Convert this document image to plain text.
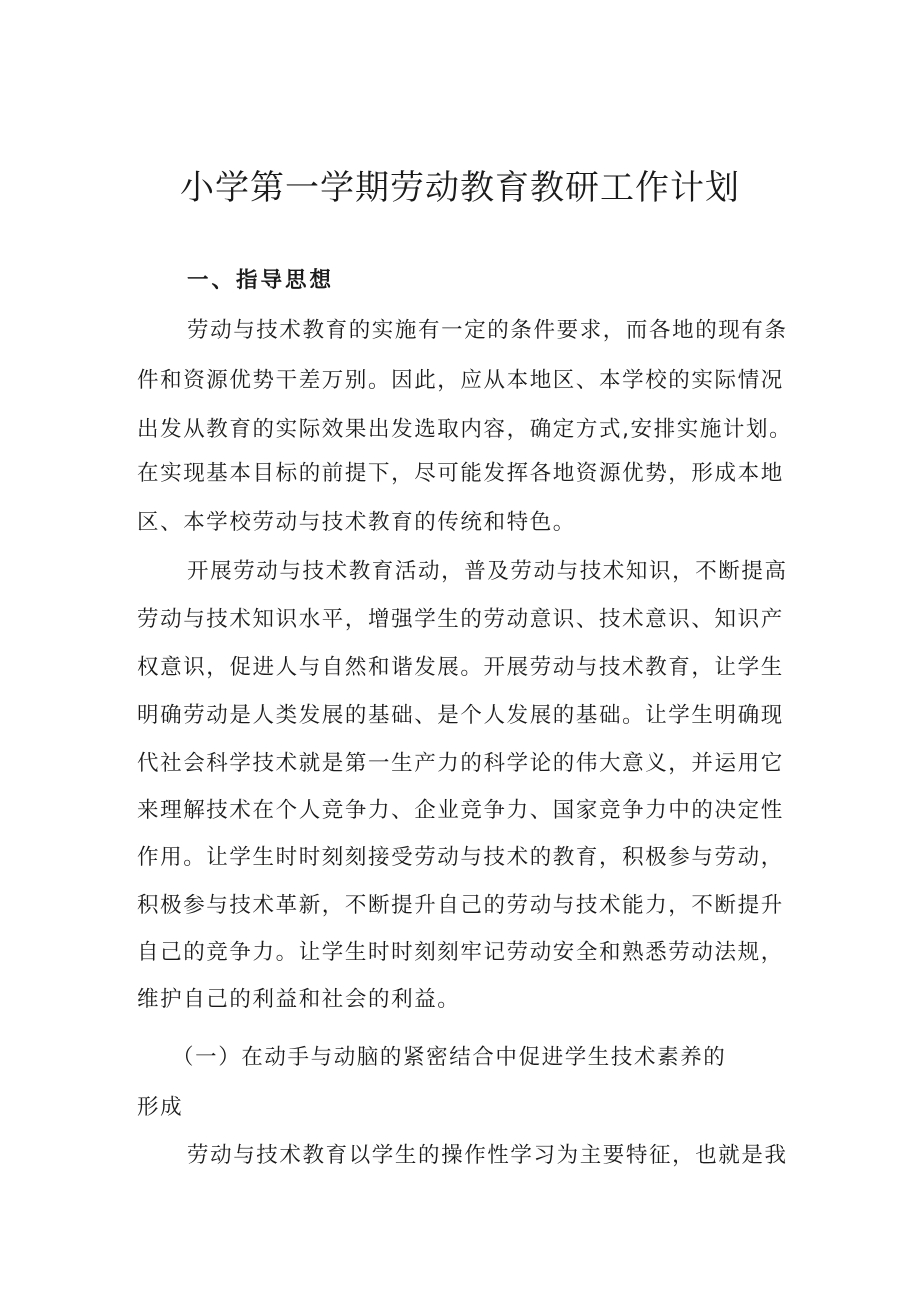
小学第一学期劳动教育教研工作计划
一、指导思想
劳动与技术教育的实施有一定的条件要求，而各地的现有条
件和资源优势干差万别。因此，应从本地区、本学校的实际情况
出发从教育的实际效果出发选取内容，确定方式,安排实施计划。
在实现基本目标的前提下，尽可能发挥各地资源优势，形成本地
区、本学校劳动与技术教育的传统和特色。
开展劳动与技术教育活动，普及劳动与技术知识，不断提高
劳动与技术知识水平，增强学生的劳动意识、技术意识、知识产
权意识，促进人与自然和谐发展。开展劳动与技术教育，让学生
明确劳动是人类发展的基础、是个人发展的基础。让学生明确现
代社会科学技术就是第一生产力的科学论的伟大意义，并运用它
来理解技术在个人竞争力、企业竞争力、国家竞争力中的决定性
作用。让学生时时刻刻接受劳动与技术的教育，积极参与劳动，
积极参与技术革新，不断提升自己的劳动与技术能力，不断提升
自己的竞争力。让学生时时刻刻牢记劳动安全和熟悉劳动法规，
维护自己的利益和社会的利益。
（一）在动手与动脑的紧密结合中促进学生技术素养的
形成
劳动与技术教育以学生的操作性学习为主要特征，也就是我
